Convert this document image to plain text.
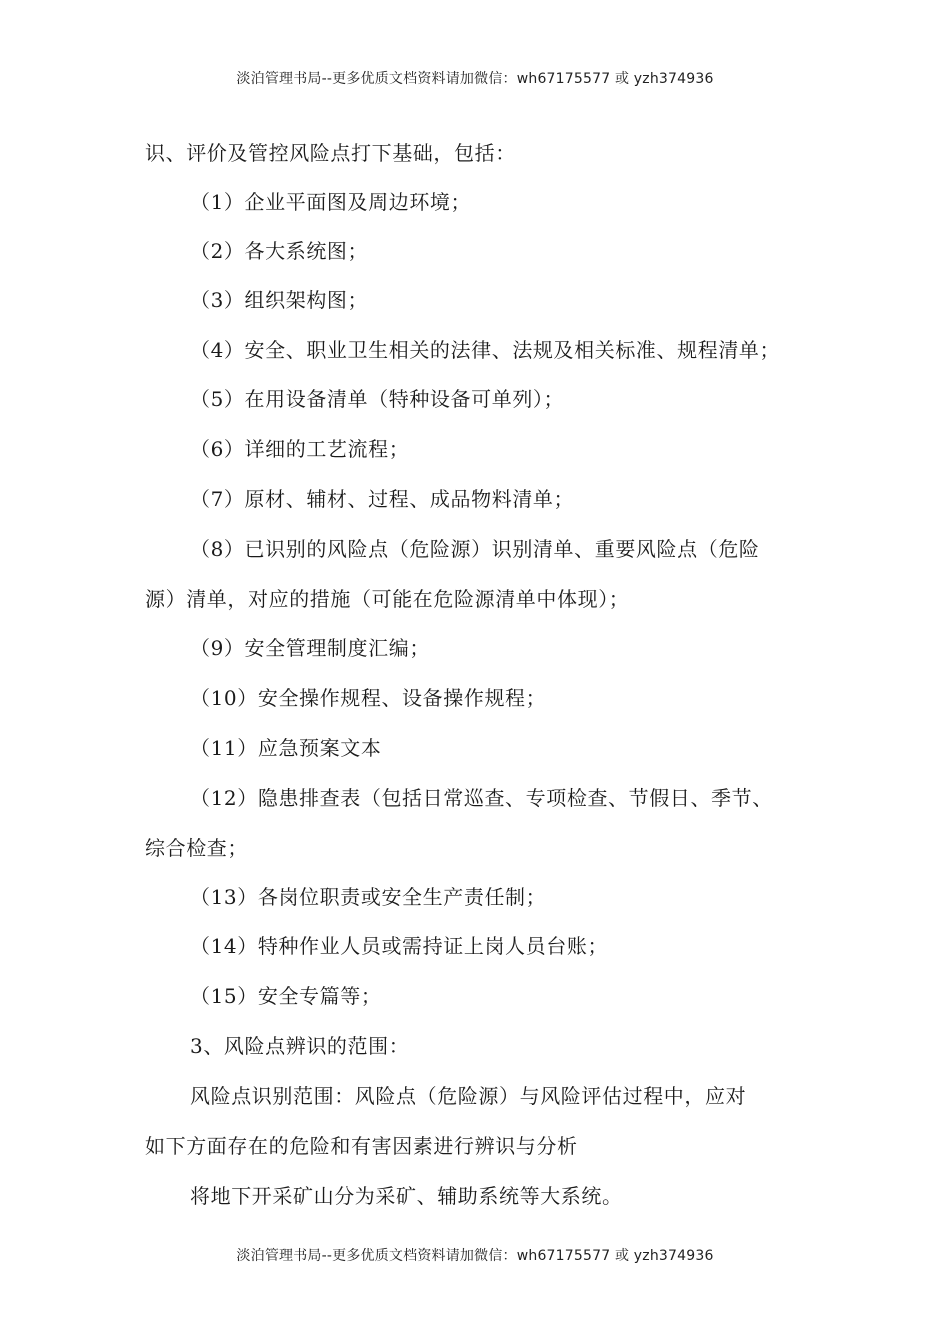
淡泊管理书局--更多优质文档资料请加微信：wh67175577 或 yzh374936
识、评价及管控风险点打下基础，包括：
（1）企业平面图及周边环境；
（2）各大系统图；
（3）组织架构图；
（4）安全、职业卫生相关的法律、法规及相关标准、规程清单；
（5）在用设备清单（特种设备可单列）；
（6）详细的工艺流程；
（7）原材、辅材、过程、成品物料清单；
（8）已识别的风险点（危险源）识别清单、重要风险点（危险
源）清单，对应的措施（可能在危险源清单中体现）；
（9）安全管理制度汇编；
（10）安全操作规程、设备操作规程；
（11）应急预案文本
（12）隐患排查表（包括日常巡查、专项检查、节假日、季节、
综合检查；
（13）各岗位职责或安全生产责任制；
（14）特种作业人员或需持证上岗人员台账；
（15）安全专篇等；
3、风险点辨识的范围：
风险点识别范围：风险点（危险源）与风险评估过程中，应对
如下方面存在的危险和有害因素进行辨识与分析
将地下开采矿山分为采矿、辅助系统等大系统。
淡泊管理书局--更多优质文档资料请加微信：wh67175577 或 yzh374936
